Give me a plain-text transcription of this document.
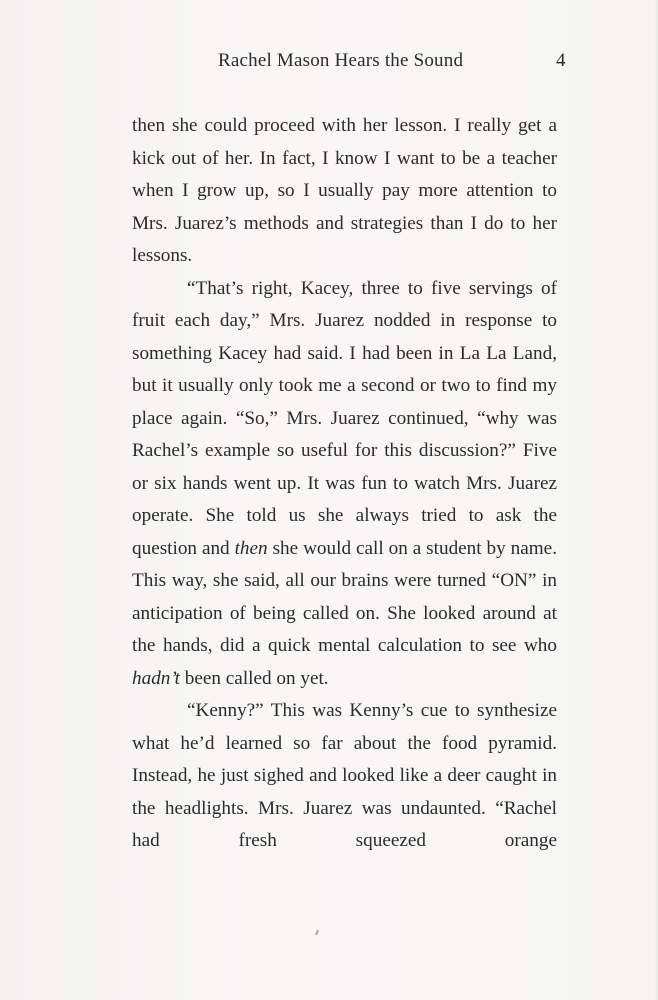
Rachel Mason Hears the Sound	4

then she could proceed with her lesson. I really get a kick out of her. In fact, I know I want to be a teacher when I grow up, so I usually pay more attention to Mrs. Juarez’s methods and strategies than I do to her lessons.

“That’s right, Kacey, three to five servings of fruit each day,” Mrs. Juarez nodded in response to something Kacey had said. I had been in La La Land, but it usually only took me a second or two to find my place again. “So,” Mrs. Juarez continued, “why was Rachel’s example so useful for this discussion?” Five or six hands went up. It was fun to watch Mrs. Juarez operate. She told us she always tried to ask the question and then she would call on a student by name. This way, she said, all our brains were turned “ON” in anticipation of being called on. She looked around at the hands, did a quick mental calculation to see who hadn’t been called on yet.

“Kenny?” This was Kenny’s cue to synthesize what he’d learned so far about the food pyramid. Instead, he just sighed and looked like a deer caught in the headlights. Mrs. Juarez was undaunted. “Rachel had fresh squeezed orange
